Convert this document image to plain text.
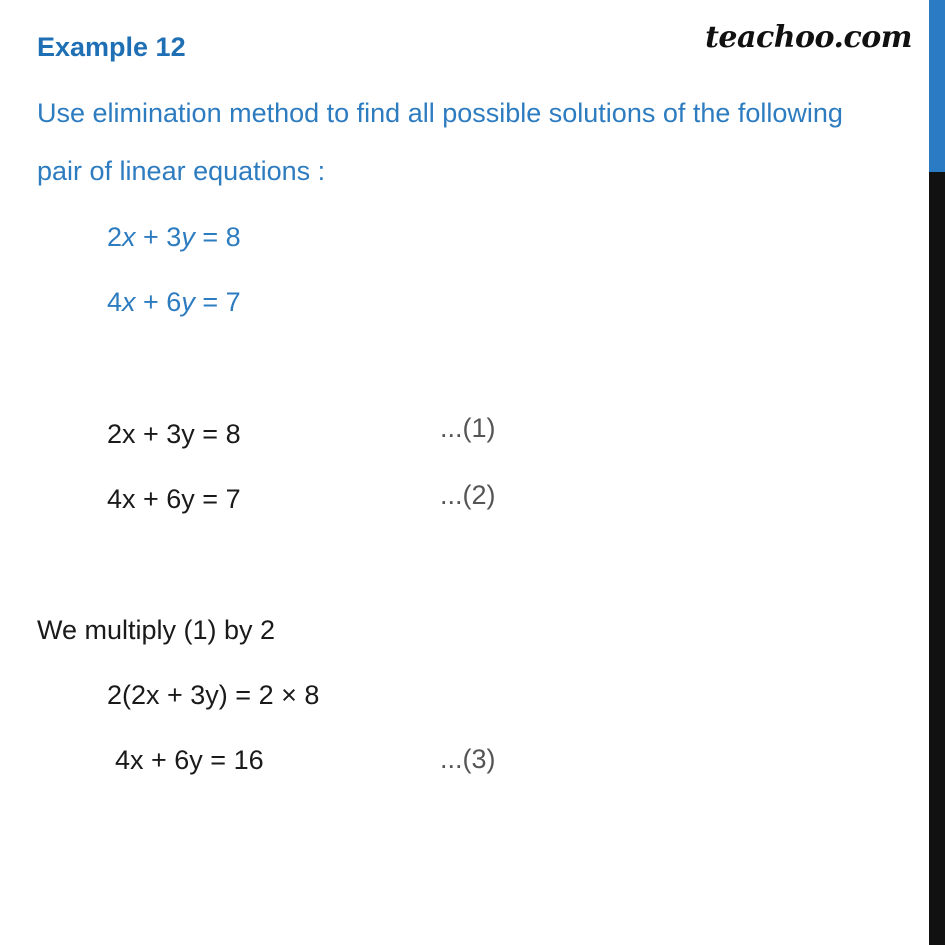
Example 12	teachoo.com
Use elimination method to find all possible solutions of the following
pair of linear equations :
2x + 3y = 8
4x + 6y = 7
2x + 3y = 8	...(1)
4x + 6y = 7	...(2)
We multiply (1) by 2
2(2x + 3y) = 2 × 8
4x + 6y = 16	...(3)
